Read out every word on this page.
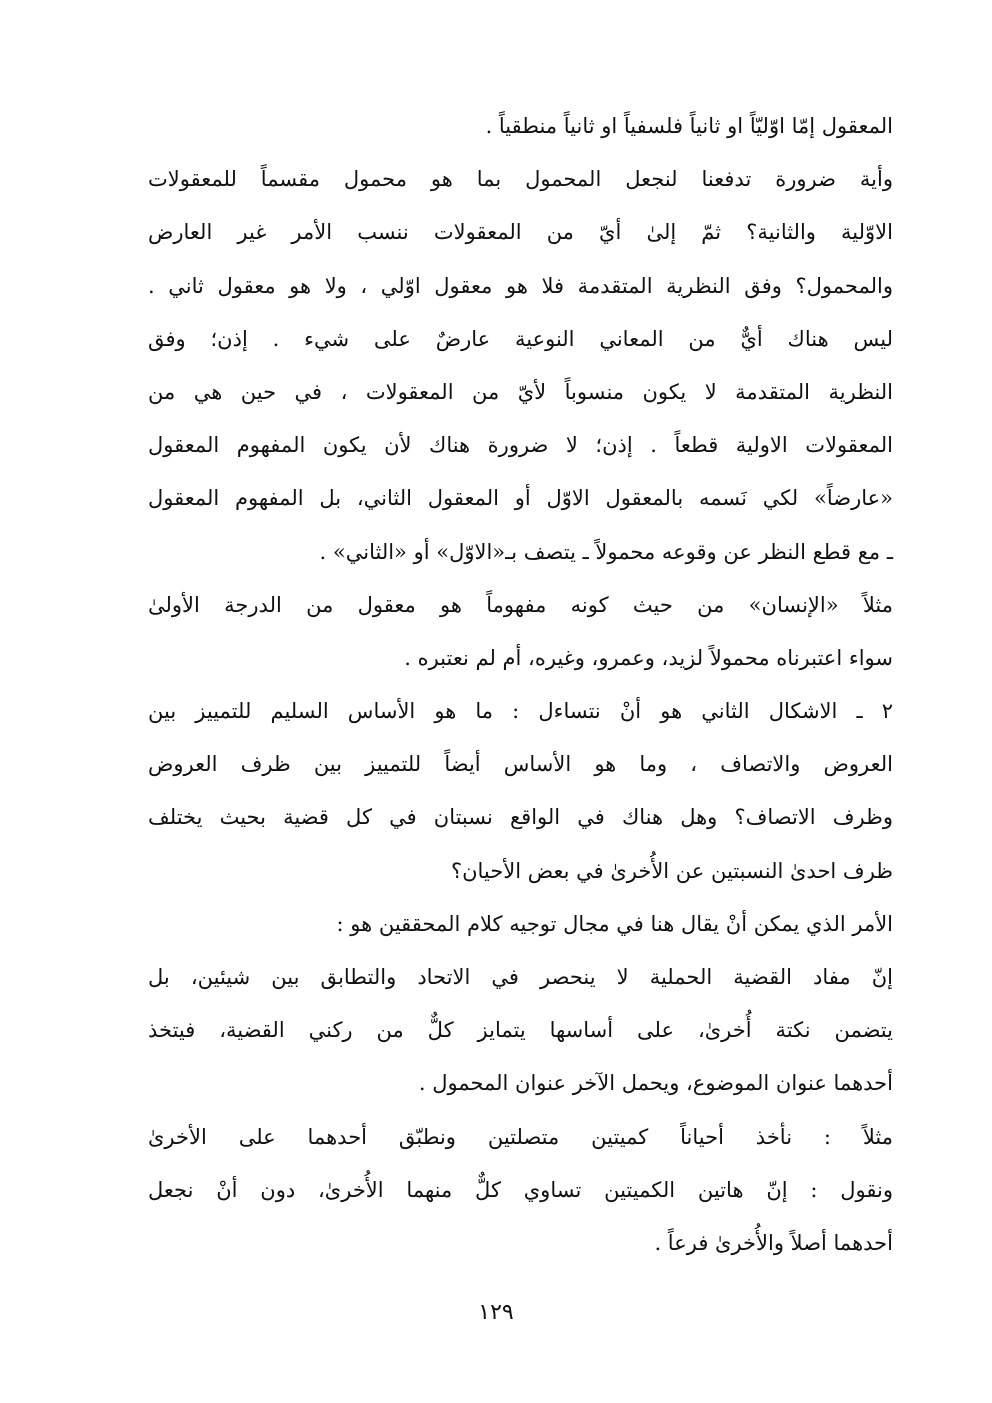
المعقول إمّا اوّليّاً او ثانياً فلسفياً او ثانياً منطقياً .
وأية ضرورة تدفعنا لنجعل المحمول بما هو محمول مقسماً للمعقولات
الاوّلية والثانية؟ ثمّ إلىٰ أيّ من المعقولات ننسب الأمر غير العارض
والمحمول؟ وفق النظرية المتقدمة فلا هو معقول اوّلي ، ولا هو معقول ثاني .
ليس هناك أيٌّ من المعاني النوعية عارضٌ على شيء . إذن؛ وفق
النظرية المتقدمة لا يكون منسوباً لأيّ من المعقولات ، في حين هي من
المعقولات الاولية قطعاً . إذن؛ لا ضرورة هناك لأن يكون المفهوم المعقول
«عارضاً» لكي نَسمه بالمعقول الاوّل أو المعقول الثاني، بل المفهوم المعقول
ـ مع قطع النظر عن وقوعه محمولاً ـ يتصف بـ«الاوّل» أو «الثاني» .
مثلاً «الإنسان» من حيث كونه مفهوماً هو معقول من الدرجة الأولىٰ
سواء اعتبرناه محمولاً لزيد، وعمرو، وغيره، أم لم نعتبره .
٢ ـ الاشكال الثاني هو أنْ نتساءل : ما هو الأساس السليم للتمييز بين
العروض والاتصاف ، وما هو الأساس أيضاً للتمييز بين ظرف العروض
وظرف الاتصاف؟ وهل هناك في الواقع نسبتان في كل قضية بحيث يختلف
ظرف احدىٰ النسبتين عن الأُخرىٰ في بعض الأحيان؟
الأمر الذي يمكن أنْ يقال هنا في مجال توجيه كلام المحققين هو :
إنّ مفاد القضية الحملية لا ينحصر في الاتحاد والتطابق بين شيئين، بل
يتضمن نكتة أُخرىٰ، على أساسها يتمايز كلٌّ من ركني القضية، فيتخذ
أحدهما عنوان الموضوع، ويحمل الآخر عنوان المحمول .
مثلاً : نأخذ أحياناً كميتين متصلتين ونطبّق أحدهما على الأخرىٰ
ونقول : إنّ هاتين الكميتين تساوي كلٌّ منهما الأُخرىٰ، دون أنْ نجعل
أحدهما أصلاً والأُخرىٰ فرعاً .
١٢٩
